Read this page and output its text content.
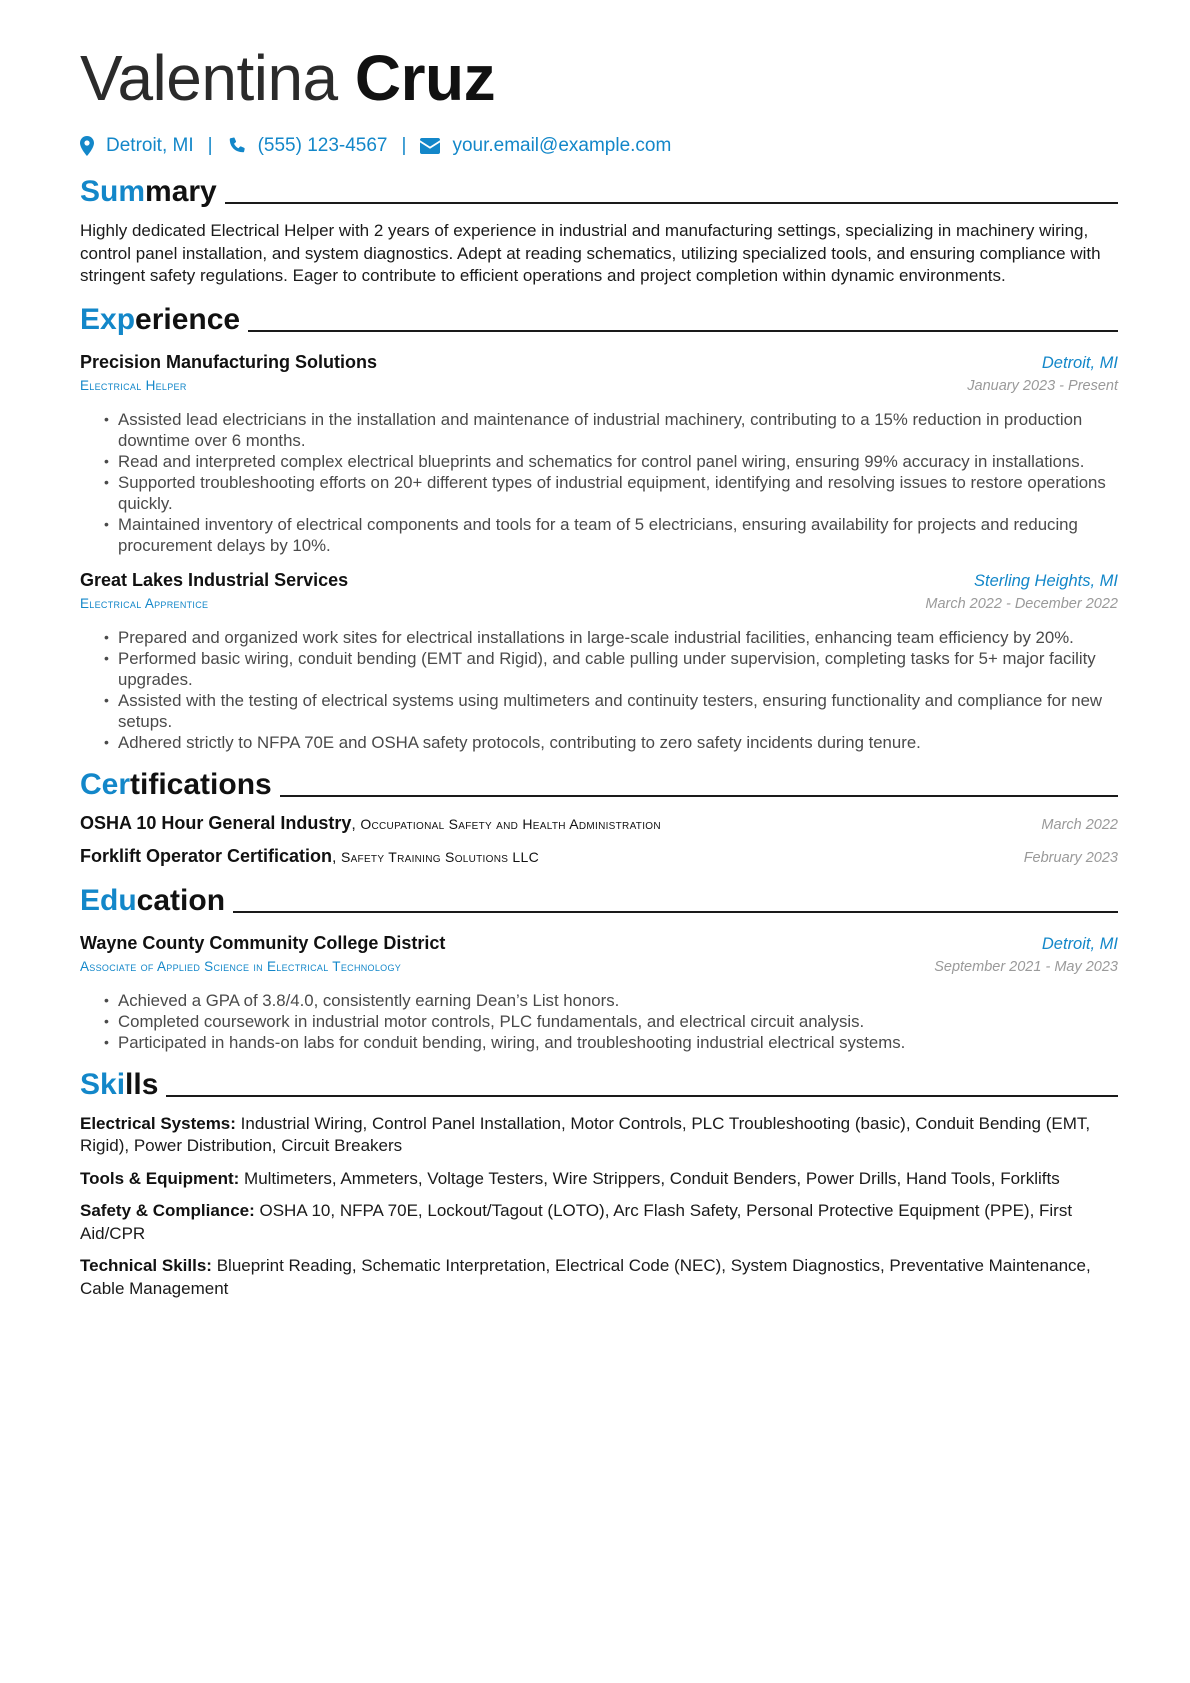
Valentina Cruz
Detroit, MI | (555) 123-4567 | your.email@example.com
Summary
Highly dedicated Electrical Helper with 2 years of experience in industrial and manufacturing settings, specializing in machinery wiring, control panel installation, and system diagnostics. Adept at reading schematics, utilizing specialized tools, and ensuring compliance with stringent safety regulations. Eager to contribute to efficient operations and project completion within dynamic environments.
Experience
Precision Manufacturing Solutions	Detroit, MI
Electrical Helper	January 2023 - Present
• Assisted lead electricians in the installation and maintenance of industrial machinery, contributing to a 15% reduction in production downtime over 6 months.
• Read and interpreted complex electrical blueprints and schematics for control panel wiring, ensuring 99% accuracy in installations.
• Supported troubleshooting efforts on 20+ different types of industrial equipment, identifying and resolving issues to restore operations quickly.
• Maintained inventory of electrical components and tools for a team of 5 electricians, ensuring availability for projects and reducing procurement delays by 10%.
Great Lakes Industrial Services	Sterling Heights, MI
Electrical Apprentice	March 2022 - December 2022
• Prepared and organized work sites for electrical installations in large-scale industrial facilities, enhancing team efficiency by 20%.
• Performed basic wiring, conduit bending (EMT and Rigid), and cable pulling under supervision, completing tasks for 5+ major facility upgrades.
• Assisted with the testing of electrical systems using multimeters and continuity testers, ensuring functionality and compliance for new setups.
• Adhered strictly to NFPA 70E and OSHA safety protocols, contributing to zero safety incidents during tenure.
Certifications
OSHA 10 Hour General Industry, Occupational Safety and Health Administration	March 2022
Forklift Operator Certification, Safety Training Solutions LLC	February 2023
Education
Wayne County Community College District	Detroit, MI
Associate of Applied Science in Electrical Technology	September 2021 - May 2023
• Achieved a GPA of 3.8/4.0, consistently earning Dean’s List honors.
• Completed coursework in industrial motor controls, PLC fundamentals, and electrical circuit analysis.
• Participated in hands-on labs for conduit bending, wiring, and troubleshooting industrial electrical systems.
Skills
Electrical Systems: Industrial Wiring, Control Panel Installation, Motor Controls, PLC Troubleshooting (basic), Conduit Bending (EMT, Rigid), Power Distribution, Circuit Breakers
Tools & Equipment: Multimeters, Ammeters, Voltage Testers, Wire Strippers, Conduit Benders, Power Drills, Hand Tools, Forklifts
Safety & Compliance: OSHA 10, NFPA 70E, Lockout/Tagout (LOTO), Arc Flash Safety, Personal Protective Equipment (PPE), First Aid/CPR
Technical Skills: Blueprint Reading, Schematic Interpretation, Electrical Code (NEC), System Diagnostics, Preventative Maintenance, Cable Management
